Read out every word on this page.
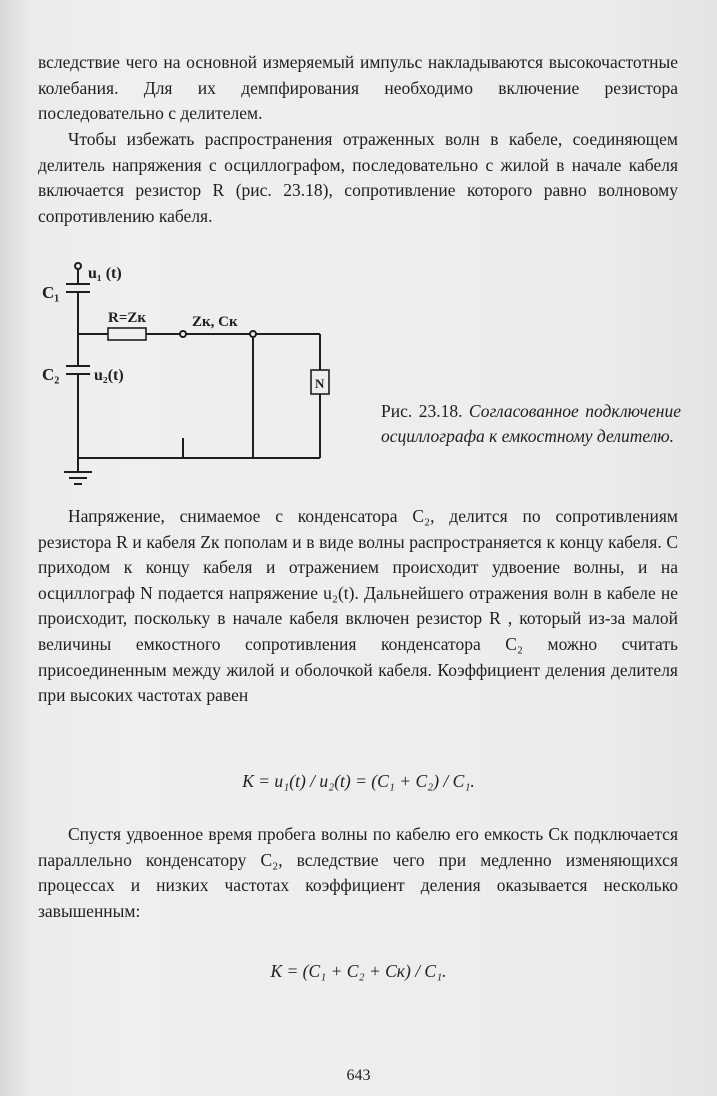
вследствие чего на основной измеряемый импульс накладываются высокочастотные колебания. Для их демпфирования необходимо включение резистора последовательно с делителем.

Чтобы избежать распространения отраженных волн в кабеле, соединяющем делитель напряжения с осциллографом, последовательно с жилой в начале кабеля включается резистор R (рис. 23.18), сопротивление которого равно волновому сопротивлению кабеля.

C₁
u₁ (t)
R=Zк	Zк, Cк
C₂ u₂(t)	N

Рис. 23.18. Согласованное подключение осциллографа к емкостному делителю.

Напряжение, снимаемое с конденсатора C₂, делится по сопротивлениям резистора R и кабеля Zк пополам и в виде волны распространяется к концу кабеля. С приходом к концу кабеля и отражением происходит удвоение волны, и на осциллограф N подается напряжение u₂(t). Дальнейшего отражения волн в кабеле не происходит, поскольку в начале кабеля включен резистор R , который из-за малой величины емкостного сопротивления конденсатора C₂ можно считать присоединенным между жилой и оболочкой кабеля. Коэффициент деления делителя при высоких частотах равен

K = u₁(t) / u₂(t) = (C₁ + C₂) / C₁.

Спустя удвоенное время пробега волны по кабелю его емкость Cк подключается параллельно конденсатору C₂, вследствие чего при медленно изменяющихся процессах и низких частотах коэффициент деления оказывается несколько завышенным:

K = (C₁ + C₂ + Cк) / C₁.

643
